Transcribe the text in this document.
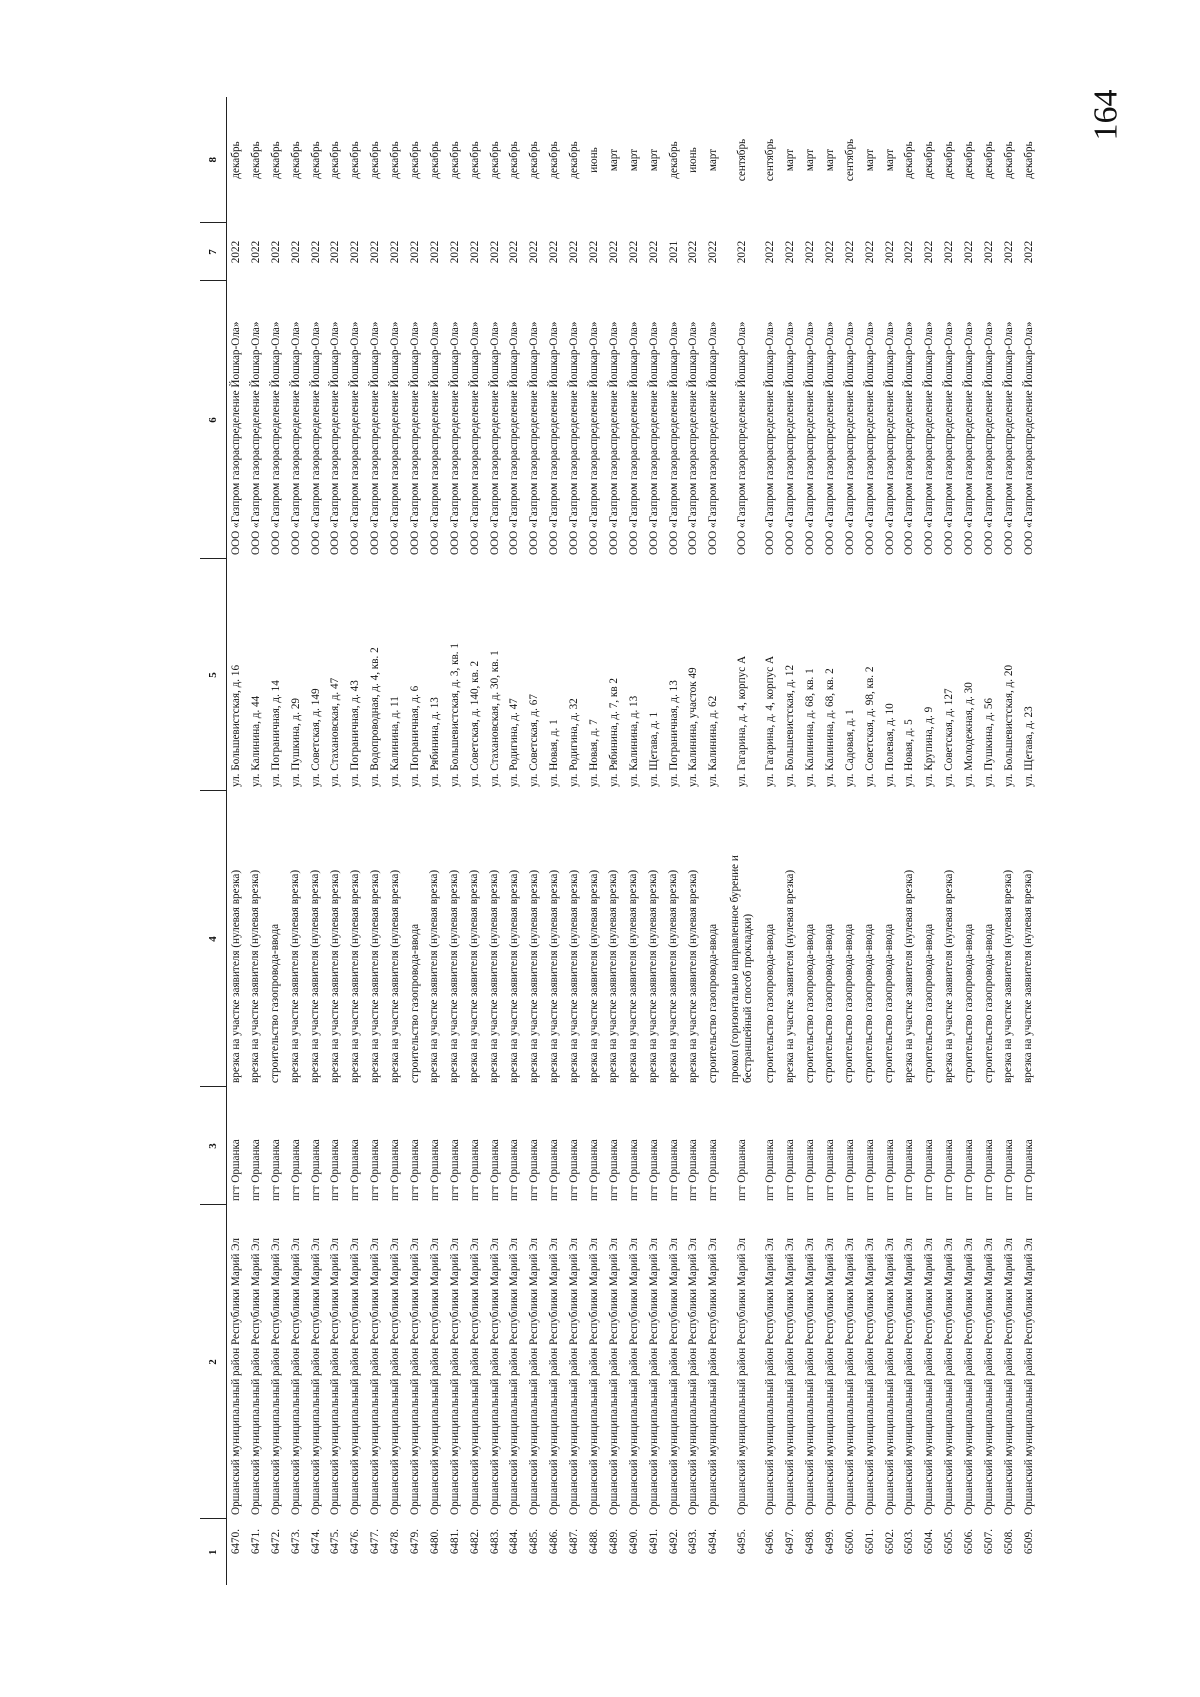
164
1	2	3	4	5	6	7	8
6470.	Оршанский муниципальный район Республики Марий Эл	пгт Оршанка	врезка на участке заявителя (нулевая врезка)	ул. Большевистская, д. 16	ООО «Газпром газораспределение Йошкар-Ола»	2022	декабрь
6471.	Оршанский муниципальный район Республики Марий Эл	пгт Оршанка	врезка на участке заявителя (нулевая врезка)	ул. Калинина, д. 44	ООО «Газпром газораспределение Йошкар-Ола»	2022	декабрь
6472.	Оршанский муниципальный район Республики Марий Эл	пгт Оршанка	строительство газопровода-ввода	ул. Пограничная, д. 14	ООО «Газпром газораспределение Йошкар-Ола»	2022	декабрь
6473.	Оршанский муниципальный район Республики Марий Эл	пгт Оршанка	врезка на участке заявителя (нулевая врезка)	ул. Пушкина, д. 29	ООО «Газпром газораспределение Йошкар-Ола»	2022	декабрь
6474.	Оршанский муниципальный район Республики Марий Эл	пгт Оршанка	врезка на участке заявителя (нулевая врезка)	ул. Советская, д. 149	ООО «Газпром газораспределение Йошкар-Ола»	2022	декабрь
6475.	Оршанский муниципальный район Республики Марий Эл	пгт Оршанка	врезка на участке заявителя (нулевая врезка)	ул. Стахановская, д. 47	ООО «Газпром газораспределение Йошкар-Ола»	2022	декабрь
6476.	Оршанский муниципальный район Республики Марий Эл	пгт Оршанка	врезка на участке заявителя (нулевая врезка)	ул. Пограничная, д. 43	ООО «Газпром газораспределение Йошкар-Ола»	2022	декабрь
6477.	Оршанский муниципальный район Республики Марий Эл	пгт Оршанка	врезка на участке заявителя (нулевая врезка)	ул. Водопроводная, д. 4, кв. 2	ООО «Газпром газораспределение Йошкар-Ола»	2022	декабрь
6478.	Оршанский муниципальный район Республики Марий Эл	пгт Оршанка	врезка на участке заявителя (нулевая врезка)	ул. Калинина, д. 11	ООО «Газпром газораспределение Йошкар-Ола»	2022	декабрь
6479.	Оршанский муниципальный район Республики Марий Эл	пгт Оршанка	строительство газопровода-ввода	ул. Пограничная, д. 6	ООО «Газпром газораспределение Йошкар-Ола»	2022	декабрь
6480.	Оршанский муниципальный район Республики Марий Эл	пгт Оршанка	врезка на участке заявителя (нулевая врезка)	ул. Рябинина, д. 13	ООО «Газпром газораспределение Йошкар-Ола»	2022	декабрь
6481.	Оршанский муниципальный район Республики Марий Эл	пгт Оршанка	врезка на участке заявителя (нулевая врезка)	ул. Большевистская, д. 3, кв. 1	ООО «Газпром газораспределение Йошкар-Ола»	2022	декабрь
6482.	Оршанский муниципальный район Республики Марий Эл	пгт Оршанка	врезка на участке заявителя (нулевая врезка)	ул. Советская, д. 140, кв. 2	ООО «Газпром газораспределение Йошкар-Ола»	2022	декабрь
6483.	Оршанский муниципальный район Республики Марий Эл	пгт Оршанка	врезка на участке заявителя (нулевая врезка)	ул. Стахановская, д. 30, кв. 1	ООО «Газпром газораспределение Йошкар-Ола»	2022	декабрь
6484.	Оршанский муниципальный район Республики Марий Эл	пгт Оршанка	врезка на участке заявителя (нулевая врезка)	ул. Родигина, д. 47	ООО «Газпром газораспределение Йошкар-Ола»	2022	декабрь
6485.	Оршанский муниципальный район Республики Марий Эл	пгт Оршанка	врезка на участке заявителя (нулевая врезка)	ул. Советская, д. 67	ООО «Газпром газораспределение Йошкар-Ола»	2022	декабрь
6486.	Оршанский муниципальный район Республики Марий Эл	пгт Оршанка	врезка на участке заявителя (нулевая врезка)	ул. Новая, д. 1	ООО «Газпром газораспределение Йошкар-Ола»	2022	декабрь
6487.	Оршанский муниципальный район Республики Марий Эл	пгт Оршанка	врезка на участке заявителя (нулевая врезка)	ул. Родигина, д. 32	ООО «Газпром газораспределение Йошкар-Ола»	2022	декабрь
6488.	Оршанский муниципальный район Республики Марий Эл	пгт Оршанка	врезка на участке заявителя (нулевая врезка)	ул. Новая, д. 7	ООО «Газпром газораспределение Йошкар-Ола»	2022	июнь
6489.	Оршанский муниципальный район Республики Марий Эл	пгт Оршанка	врезка на участке заявителя (нулевая врезка)	ул. Рябинина, д. 7, кв 2	ООО «Газпром газораспределение Йошкар-Ола»	2022	март
6490.	Оршанский муниципальный район Республики Марий Эл	пгт Оршанка	врезка на участке заявителя (нулевая врезка)	ул. Калинина, д. 13	ООО «Газпром газораспределение Йошкар-Ола»	2022	март
6491.	Оршанский муниципальный район Республики Марий Эл	пгт Оршанка	врезка на участке заявителя (нулевая врезка)	ул. Щетава, д. 1	ООО «Газпром газораспределение Йошкар-Ола»	2022	март
6492.	Оршанский муниципальный район Республики Марий Эл	пгт Оршанка	врезка на участке заявителя (нулевая врезка)	ул. Пограничная, д. 13	ООО «Газпром газораспределение Йошкар-Ола»	2021	декабрь
6493.	Оршанский муниципальный район Республики Марий Эл	пгт Оршанка	врезка на участке заявителя (нулевая врезка)	ул. Калинина, участок 49	ООО «Газпром газораспределение Йошкар-Ола»	2022	июнь
6494.	Оршанский муниципальный район Республики Марий Эл	пгт Оршанка	строительство газопровода-ввода	ул. Калинина, д. 62	ООО «Газпром газораспределение Йошкар-Ола»	2022	март
6495.	Оршанский муниципальный район Республики Марий Эл	пгт Оршанка	прокол (горизонтально направленное бурение и бестраншейный способ прокладки)	ул. Гагарина, д. 4, корпус А	ООО «Газпром газораспределение Йошкар-Ола»	2022	сентябрь
6496.	Оршанский муниципальный район Республики Марий Эл	пгт Оршанка	строительство газопровода-ввода	ул. Гагарина, д. 4, корпус А	ООО «Газпром газораспределение Йошкар-Ола»	2022	сентябрь
6497.	Оршанский муниципальный район Республики Марий Эл	пгт Оршанка	врезка на участке заявителя (нулевая врезка)	ул. Большевистская, д. 12	ООО «Газпром газораспределение Йошкар-Ола»	2022	март
6498.	Оршанский муниципальный район Республики Марий Эл	пгт Оршанка	строительство газопровода-ввода	ул. Калинина, д. 68, кв. 1	ООО «Газпром газораспределение Йошкар-Ола»	2022	март
6499.	Оршанский муниципальный район Республики Марий Эл	пгт Оршанка	строительство газопровода-ввода	ул. Калинина, д. 68, кв. 2	ООО «Газпром газораспределение Йошкар-Ола»	2022	март
6500.	Оршанский муниципальный район Республики Марий Эл	пгт Оршанка	строительство газопровода-ввода	ул. Садовая, д. 1	ООО «Газпром газораспределение Йошкар-Ола»	2022	сентябрь
6501.	Оршанский муниципальный район Республики Марий Эл	пгт Оршанка	строительство газопровода-ввода	ул. Советская, д. 98, кв. 2	ООО «Газпром газораспределение Йошкар-Ола»	2022	март
6502.	Оршанский муниципальный район Республики Марий Эл	пгт Оршанка	строительство газопровода-ввода	ул. Полевая, д. 10	ООО «Газпром газораспределение Йошкар-Ола»	2022	март
6503.	Оршанский муниципальный район Республики Марий Эл	пгт Оршанка	врезка на участке заявителя (нулевая врезка)	ул. Новая, д. 5	ООО «Газпром газораспределение Йошкар-Ола»	2022	декабрь
6504.	Оршанский муниципальный район Республики Марий Эл	пгт Оршанка	строительство газопровода-ввода	ул. Крупина, д. 9	ООО «Газпром газораспределение Йошкар-Ола»	2022	декабрь
6505.	Оршанский муниципальный район Республики Марий Эл	пгт Оршанка	врезка на участке заявителя (нулевая врезка)	ул. Советская, д. 127	ООО «Газпром газораспределение Йошкар-Ола»	2022	декабрь
6506.	Оршанский муниципальный район Республики Марий Эл	пгт Оршанка	строительство газопровода-ввода	ул. Молодежная, д. 30	ООО «Газпром газораспределение Йошкар-Ола»	2022	декабрь
6507.	Оршанский муниципальный район Республики Марий Эл	пгт Оршанка	строительство газопровода-ввода	ул. Пушкина, д. 56	ООО «Газпром газораспределение Йошкар-Ола»	2022	декабрь
6508.	Оршанский муниципальный район Республики Марий Эл	пгт Оршанка	врезка на участке заявителя (нулевая врезка)	ул. Большевистская, д. 20	ООО «Газпром газораспределение Йошкар-Ола»	2022	декабрь
6509.	Оршанский муниципальный район Республики Марий Эл	пгт Оршанка	врезка на участке заявителя (нулевая врезка)	ул. Щетава, д. 23	ООО «Газпром газораспределение Йошкар-Ола»	2022	декабрь
